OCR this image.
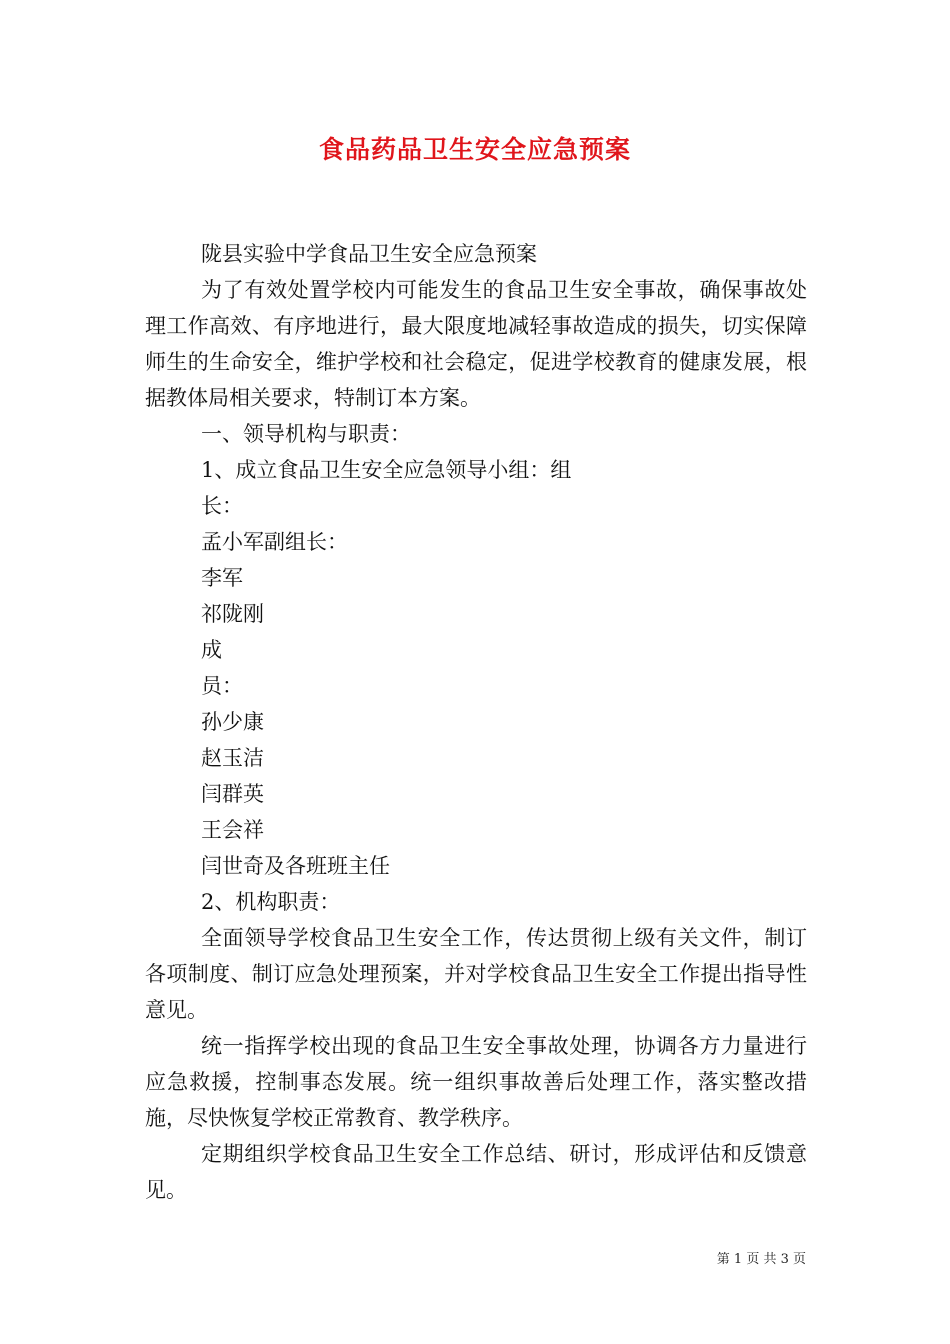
食品药品卫生安全应急预案

陇县实验中学食品卫生安全应急预案

为了有效处置学校内可能发生的食品卫生安全事故，确保事故处理工作高效、有序地进行，最大限度地减轻事故造成的损失，切实保障师生的生命安全，维护学校和社会稳定，促进学校教育的健康发展，根据教体局相关要求，特制订本方案。

一、领导机构与职责：

1、成立食品卫生安全应急领导小组：组

长：

孟小军副组长：

李军

祁陇刚

成

员：

孙少康

赵玉洁

闫群英

王会祥

闫世奇及各班班主任

2、机构职责：

全面领导学校食品卫生安全工作，传达贯彻上级有关文件，制订各项制度、制订应急处理预案，并对学校食品卫生安全工作提出指导性意见。

统一指挥学校出现的食品卫生安全事故处理，协调各方力量进行应急救援，控制事态发展。统一组织事故善后处理工作，落实整改措施，尽快恢复学校正常教育、教学秩序。

定期组织学校食品卫生安全工作总结、研讨，形成评估和反馈意见。

第 1 页 共 3 页
